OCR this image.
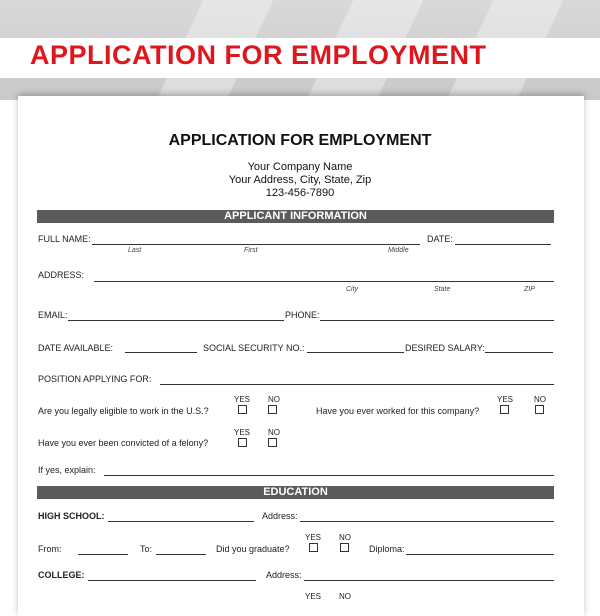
APPLICATION FOR EMPLOYMENT
APPLICATION FOR EMPLOYMENT
Your Company Name
Your Address, City, State, Zip
123-456-7890
APPLICANT INFORMATION
FULL NAME:
Last	First	Middle
DATE:
ADDRESS:
City	State	ZIP
EMAIL:	PHONE:
DATE AVAILABLE:	SOCIAL SECURITY NO.:	DESIRED SALARY:
POSITION APPLYING FOR:
YES NO
Are you legally eligible to work in the U.S.?
YES	NO
Have you ever worked for this company?
YES NO
Have you ever been convicted of a felony?
If yes, explain:
EDUCATION
HIGH SCHOOL:	Address:
YES NO
From:	To:	Did you graduate?	Diploma:
COLLEGE:	Address:
YES NO
